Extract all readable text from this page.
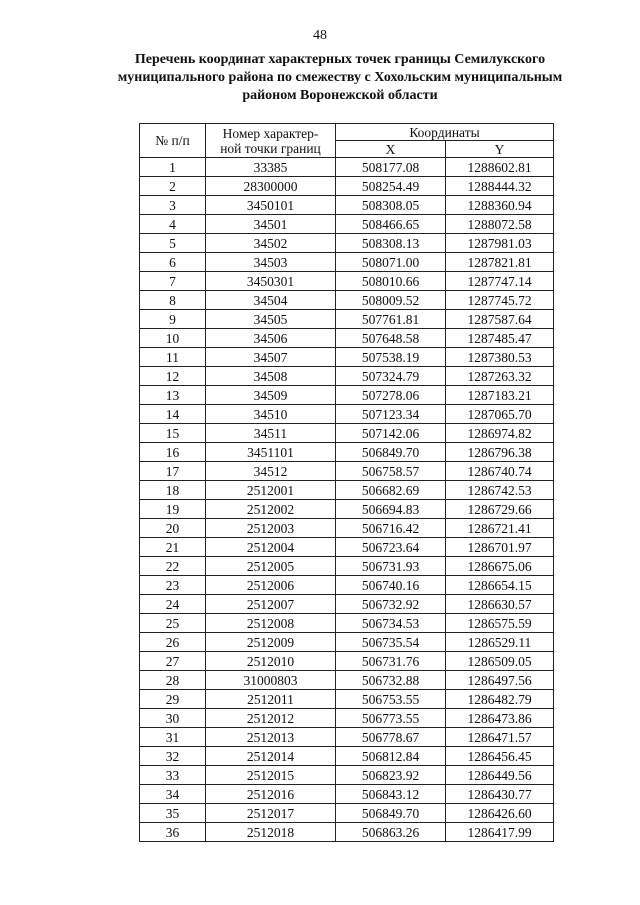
48
Перечень координат характерных точек границы Семилукского
муниципального района по смежеству с Хохольским муниципальным
районом Воронежской области
№ п/п	Номер характер-
ной точки границ	Координаты	
		X	Y
1	33385	508177.08	1288602.81
2	28300000	508254.49	1288444.32
3	3450101	508308.05	1288360.94
4	34501	508466.65	1288072.58
5	34502	508308.13	1287981.03
6	34503	508071.00	1287821.81
7	3450301	508010.66	1287747.14
8	34504	508009.52	1287745.72
9	34505	507761.81	1287587.64
10	34506	507648.58	1287485.47
11	34507	507538.19	1287380.53
12	34508	507324.79	1287263.32
13	34509	507278.06	1287183.21
14	34510	507123.34	1287065.70
15	34511	507142.06	1286974.82
16	3451101	506849.70	1286796.38
17	34512	506758.57	1286740.74
18	2512001	506682.69	1286742.53
19	2512002	506694.83	1286729.66
20	2512003	506716.42	1286721.41
21	2512004	506723.64	1286701.97
22	2512005	506731.93	1286675.06
23	2512006	506740.16	1286654.15
24	2512007	506732.92	1286630.57
25	2512008	506734.53	1286575.59
26	2512009	506735.54	1286529.11
27	2512010	506731.76	1286509.05
28	31000803	506732.88	1286497.56
29	2512011	506753.55	1286482.79
30	2512012	506773.55	1286473.86
31	2512013	506778.67	1286471.57
32	2512014	506812.84	1286456.45
33	2512015	506823.92	1286449.56
34	2512016	506843.12	1286430.77
35	2512017	506849.70	1286426.60
36	2512018	506863.26	1286417.99
